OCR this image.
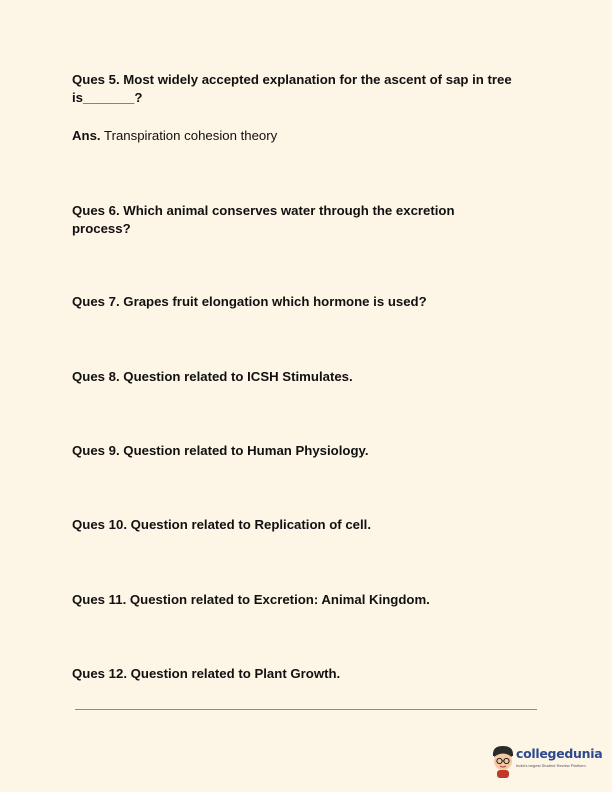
Ques 5. Most widely accepted explanation for the ascent of sap in tree
is_______?

Ans. Transpiration cohesion theory

Ques 6. Which animal conserves water through the excretion
process?

Ques 7. Grapes fruit elongation which hormone is used?

Ques 8. Question related to ICSH Stimulates.

Ques 9. Question related to Human Physiology.

Ques 10. Question related to Replication of cell.

Ques 11. Question related to Excretion: Animal Kingdom.

Ques 12. Question related to Plant Growth.

collegedunia
India's largest Student Review Platform
